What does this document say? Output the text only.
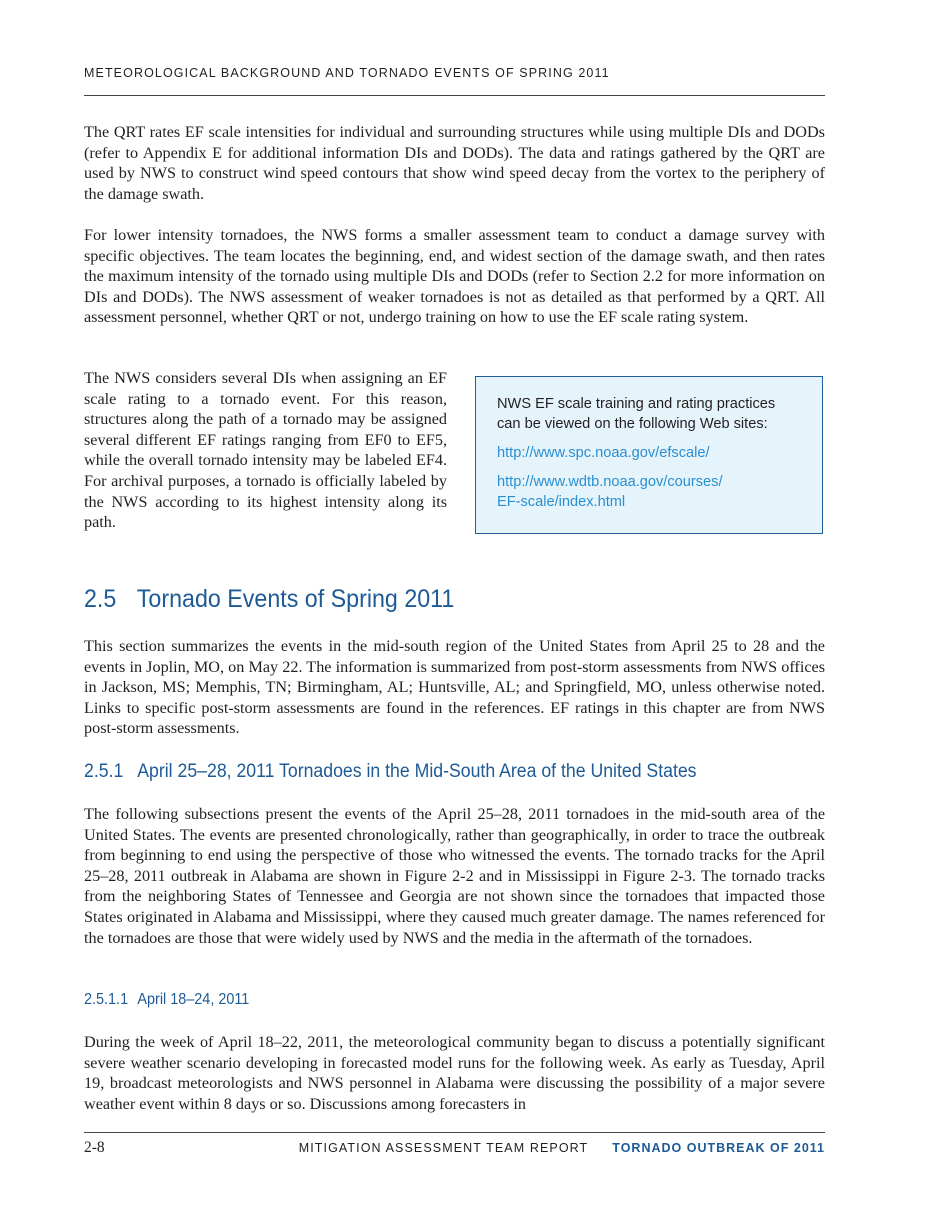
METEOROLOGICAL BACKGROUND AND TORNADO EVENTS OF SPRING 2011

The QRT rates EF scale intensities for individual and surrounding structures while using multiple DIs and DODs (refer to Appendix E for additional information DIs and DODs). The data and ratings gathered by the QRT are used by NWS to construct wind speed contours that show wind speed decay from the vortex to the periphery of the damage swath.

For lower intensity tornadoes, the NWS forms a smaller assessment team to conduct a damage survey with specific objectives. The team locates the beginning, end, and widest section of the damage swath, and then rates the maximum intensity of the tornado using multiple DIs and DODs (refer to Section 2.2 for more information on DIs and DODs). The NWS assessment of weaker tornadoes is not as detailed as that performed by a QRT. All assessment personnel, whether QRT or not, undergo training on how to use the EF scale rating system.

The NWS considers several DIs when assigning an EF scale rating to a tornado event. For this reason, structures along the path of a tornado may be assigned several different EF ratings ranging from EF0 to EF5, while the overall tornado intensity may be labeled EF4. For archival purposes, a tornado is officially labeled by the NWS according to its highest intensity along its path.

NWS EF scale training and rating practices can be viewed on the following Web sites:

http://www.spc.noaa.gov/efscale/
http://www.wdtb.noaa.gov/courses/
EF-scale/index.html
2.5 Tornado Events of Spring 2011

This section summarizes the events in the mid-south region of the United States from April 25 to 28 and the events in Joplin, MO, on May 22. The information is summarized from post-storm assessments from NWS offices in Jackson, MS; Memphis, TN; Birmingham, AL; Huntsville, AL; and Springfield, MO, unless otherwise noted. Links to specific post-storm assessments are found in the references. EF ratings in this chapter are from NWS post-storm assessments.

2.5.1 April 25–28, 2011 Tornadoes in the Mid-South Area of the United States

The following subsections present the events of the April 25–28, 2011 tornadoes in the mid-south area of the United States. The events are presented chronologically, rather than geographically, in order to trace the outbreak from beginning to end using the perspective of those who witnessed the events. The tornado tracks for the April 25–28, 2011 outbreak in Alabama are shown in Figure 2-2 and in Mississippi in Figure 2-3. The tornado tracks from the neighboring States of Tennessee and Georgia are not shown since the tornadoes that impacted those States originated in Alabama and Mississippi, where they caused much greater damage. The names referenced for the tornadoes are those that were widely used by NWS and the media in the aftermath of the tornadoes.

2.5.1.1 April 18–24, 2011

During the week of April 18–22, 2011, the meteorological community began to discuss a potentially significant severe weather scenario developing in forecasted model runs for the following week. As early as Tuesday, April 19, broadcast meteorologists and NWS personnel in Alabama were discussing the possibility of a major severe weather event within 8 days or so. Discussions among forecasters in

2-8	MITIGATION ASSESSMENT TEAM REPORT TORNADO OUTBREAK OF 2011
